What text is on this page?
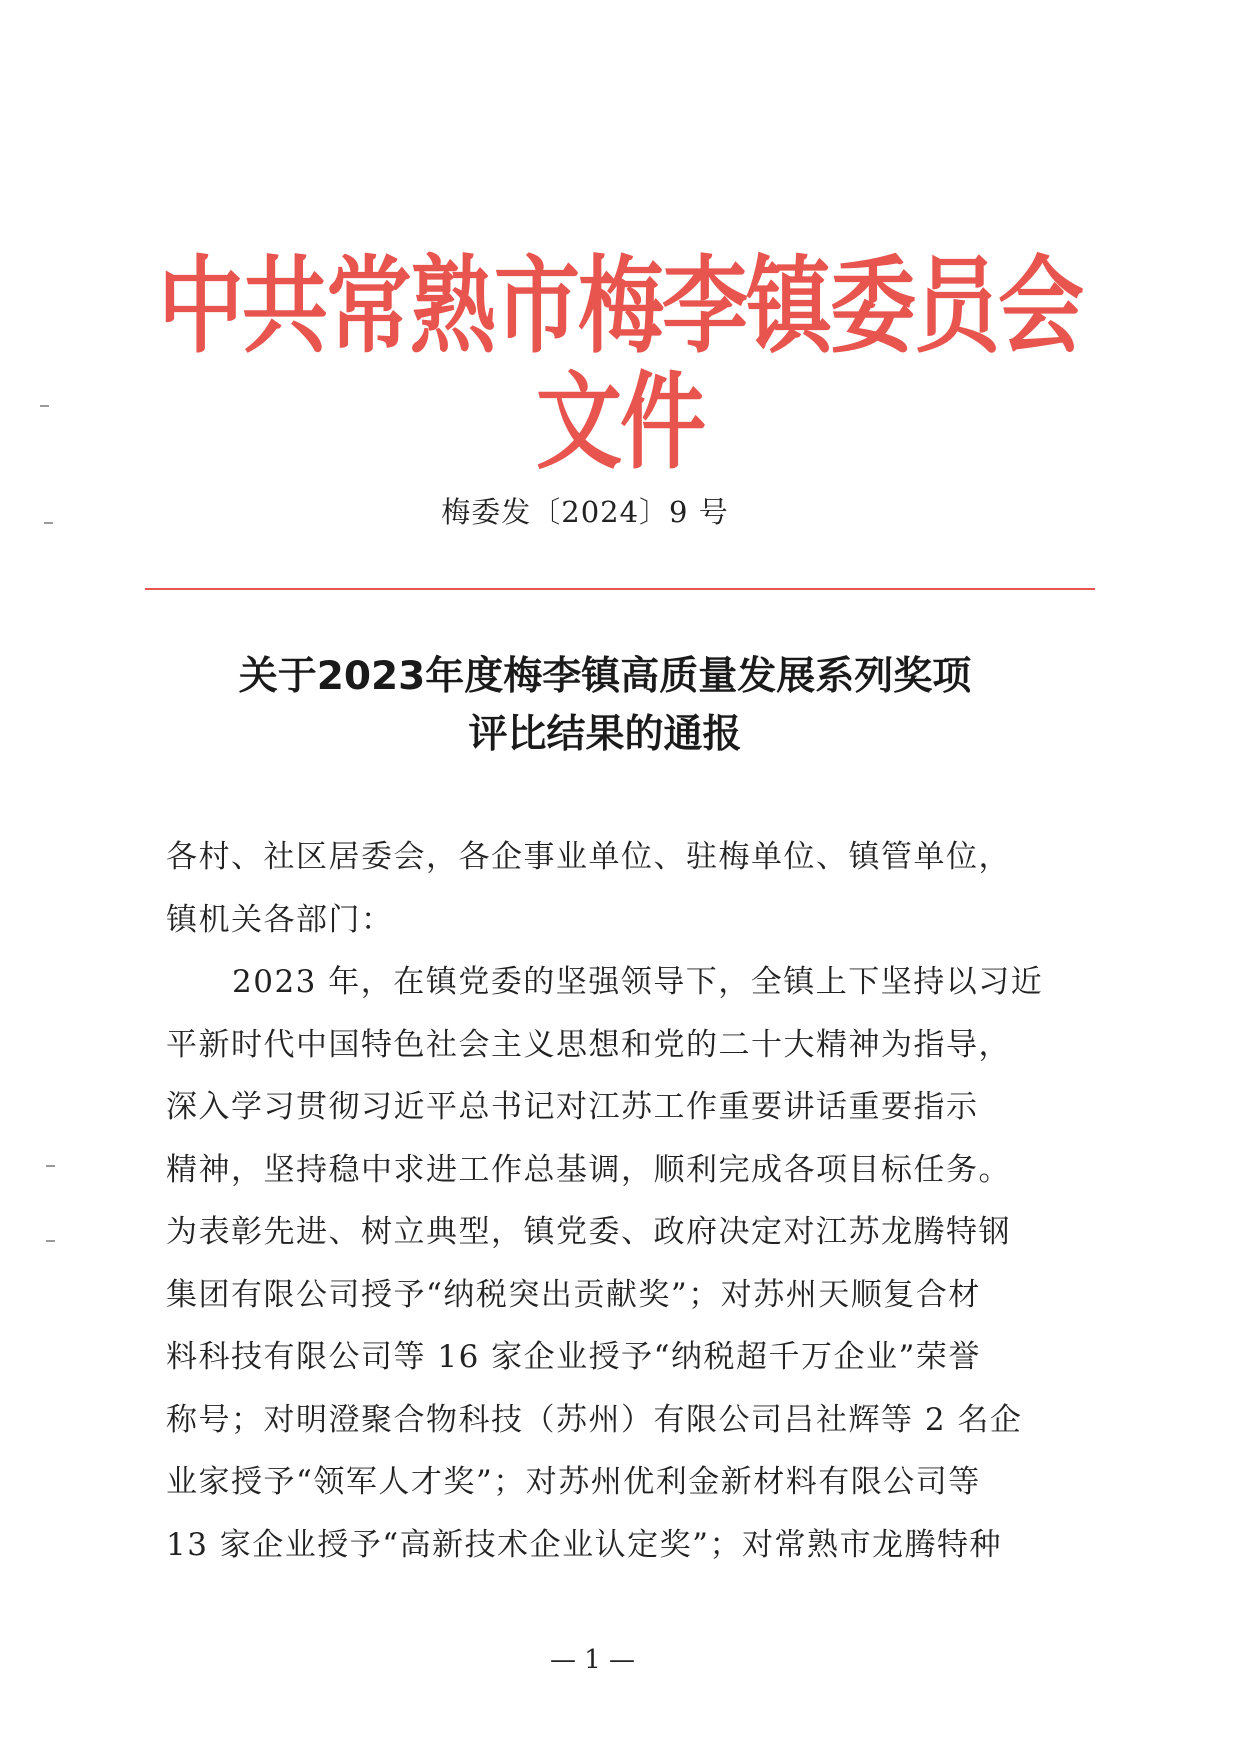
中共常熟市梅李镇委员会文件
梅委发〔2024〕9 号
关于2023年度梅李镇高质量发展系列奖项
评比结果的通报
各村、社区居委会，各企事业单位、驻梅单位、镇管单位，
镇机关各部门：
2023 年，在镇党委的坚强领导下，全镇上下坚持以习近
平新时代中国特色社会主义思想和党的二十大精神为指导，
深入学习贯彻习近平总书记对江苏工作重要讲话重要指示
精神，坚持稳中求进工作总基调，顺利完成各项目标任务。
为表彰先进、树立典型，镇党委、政府决定对江苏龙腾特钢
集团有限公司授予“纳税突出贡献奖”；对苏州天顺复合材
料科技有限公司等 16 家企业授予“纳税超千万企业”荣誉
称号；对明澄聚合物科技（苏州）有限公司吕社辉等 2 名企
业家授予“领军人才奖”；对苏州优利金新材料有限公司等
13 家企业授予“高新技术企业认定奖”；对常熟市龙腾特种
— 1 —
